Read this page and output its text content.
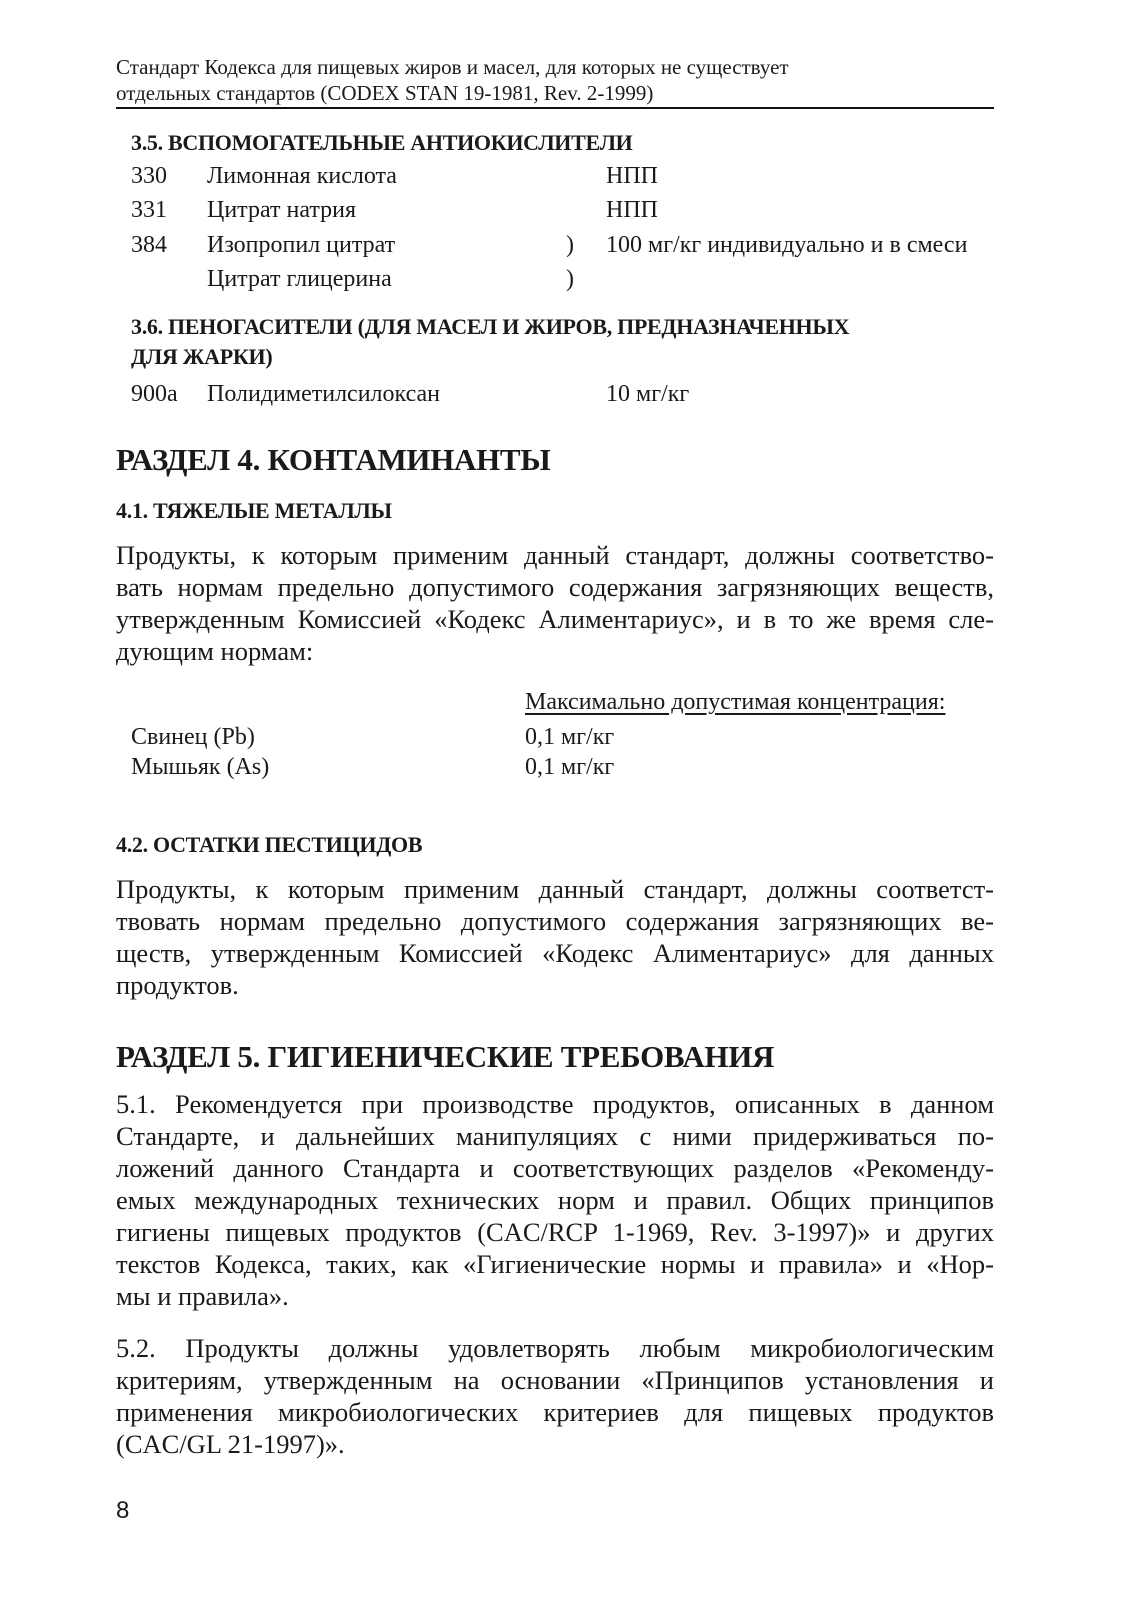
Стандарт Кодекса для пищевых жиров и масел, для которых не существует
отдельных стандартов (CODEX STAN 19-1981, Rev. 2-1999)
3.5. ВСПОМОГАТЕЛЬНЫЕ АНТИОКИСЛИТЕЛИ
330 Лимонная кислота	НПП
331 Цитрат натрия	НПП
384 Изопропил цитрат	) 100 мг/кг индивидуально и в смеси
Цитрат глицерина	)
3.6. ПЕНОГАСИТЕЛИ (ДЛЯ МАСЕЛ И ЖИРОВ, ПРЕДНАЗНАЧЕННЫХ
ДЛЯ ЖАРКИ)
900a Полидиметилсилоксан	10 мг/кг
РАЗДЕЛ 4. КОНТАМИНАНТЫ
4.1. ТЯЖЕЛЫЕ МЕТАЛЛЫ
Продукты, к которым применим данный стандарт, должны соответство-
вать нормам предельно допустимого содержания загрязняющих веществ,
утвержденным Комиссией «Кодекс Алиментариус», и в то же время сле-
дующим нормам:
Максимально допустимая концентрация:
Свинец (Pb)	0,1 мг/кг
Мышьяк (As)	0,1 мг/кг
4.2. ОСТАТКИ ПЕСТИЦИДОВ
Продукты, к которым применим данный стандарт, должны соответст-
твовать нормам предельно допустимого содержания загрязняющих ве-
ществ, утвержденным Комиссией «Кодекс Алиментариус» для данных
продуктов.
РАЗДЕЛ 5. ГИГИЕНИЧЕСКИЕ ТРЕБОВАНИЯ
5.1. Рекомендуется при производстве продуктов, описанных в данном
Стандарте, и дальнейших манипуляциях с ними придерживаться по-
ложений данного Стандарта и соответствующих разделов «Рекоменду-
емых международных технических норм и правил. Общих принципов
гигиены пищевых продуктов (CAC/RCP 1-1969, Rev. 3-1997)» и других
текстов Кодекса, таких, как «Гигиенические нормы и правила» и «Нор-
мы и правила».
5.2. Продукты должны удовлетворять любым микробиологическим
критериям, утвержденным на основании «Принципов установления и
применения микробиологических критериев для пищевых продуктов
(CAC/GL 21-1997)».
8
